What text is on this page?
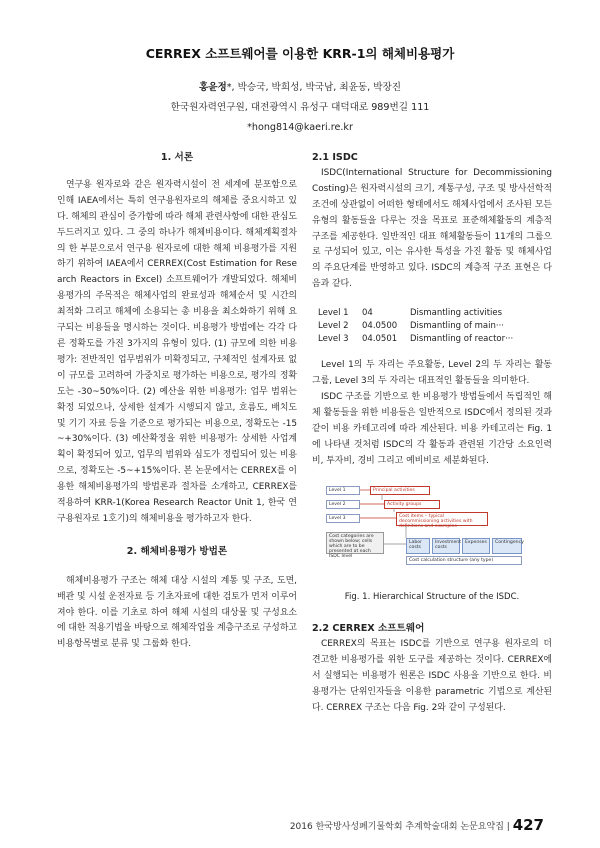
CERREX 소프트웨어를 이용한 KRR-1의 해체비용평가
홍윤정*, 박승국, 박희성, 박국남, 최윤동, 박장진
한국원자력연구원, 대전광역시 유성구 대덕대로 989번길 111
*hong814@kaeri.re.kr

1. 서론

연구용 원자로와 같은 원자력시설이 전 세계에 분포함으로 인해 IAEA에서는 특히 연구용원자로의 해체를 중요시하고 있다. 해체의 관심이 증가함에 따라 해체 관련사항에 대한 관심도 두드러지고 있다. 그 중의 하나가 해체비용이다. 해체계획절차의 한 부분으로서 연구용 원자로에 대한 해체 비용평가를 지원하기 위하여 IAEA에서 CERREX(Cost Estimation for Research Reactors in Excel) 소프트웨어가 개발되었다. 해체비용평가의 주목적은 해체사업의 완료성과 해체순서 및 시간의 최적화 그리고 해체에 소용되는 총 비용을 최소화하기 위해 요구되는 비용들을 명시하는 것이다. 비용평가 방법에는 각각 다른 정확도를 가진 3가지의 유형이 있다. (1) 규모에 의한 비용평가: 전반적인 업무범위가 미확정되고, 구체적인 설계자료 없이 규모를 고려하여 가중치로 평가하는 비용으로, 평가의 정확도는 -30~50%이다. (2) 예산을 위한 비용평가: 업무 범위는 확정 되었으나, 상세한 설계가 시행되지 않고, 흐름도, 배치도 및 기기 자료 등을 기준으로 평가되는 비용으로, 정확도는 -15~+30%이다. (3) 예산확정을 위한 비용평가: 상세한 사업계획이 확정되어 있고, 업무의 범위와 심도가 정립되어 있는 비용으로, 정확도는 -5~+15%이다. 본 논문에서는 CERREX를 이용한 해체비용평가의 방법론과 절차를 소개하고, CERREX를 적용하여 KRR-1(Korea Research Reactor Unit 1, 한국 연구용원자로 1호기)의 해체비용을 평가하고자 한다.

2. 해체비용평가 방법론

해체비용평가 구조는 해체 대상 시설의 계통 및 구조, 도면, 배관 및 시설 운전자료 등 기초자료에 대한 검토가 먼저 이루어 져야 한다. 이를 기초로 하여 해체 시설의 대상물 및 구성요소에 대한 적용기법을 바탕으로 해체작업을 계층구조로 구성하고 비용항목별로 분류 및 그룹화 한다.

2.1 ISDC

ISDC(International Structure for Decommissioning Costing)은 원자력시설의 크기, 계통구성, 구조 및 방사선학적 조건에 상관없이 어떠한 형태에서도 해체사업에서 조사된 모든 유형의 활동들을 다루는 것을 목표로 표준해체활동의 계층적 구조를 제공한다. 일반적인 대표 해체활동들이 11개의 그룹으로 구성되어 있고, 이는 유사한 특성을 가진 활동 및 해체사업의 주요단계를 반영하고 있다. ISDC의 계층적 구조 표현은 다음과 같다.

Level 1	04	Dismantling activities
Level 2	04.0500	Dismantling of main···
Level 3	04.0501	Dismantling of reactor···

Level 1의 두 자리는 주요활동, Level 2의 두 자리는 활동 그룹, Level 3의 두 자리는 대표적인 활동들을 의미한다.

ISDC 구조를 기반으로 한 비용평가 방법들에서 독립적인 해체 활동들을 위한 비용들은 일반적으로 ISDC에서 정의된 것과 같이 비용 카테고리에 따라 계산된다. 비용 카테고리는 Fig. 1에 나타낸 것처럼 ISDC의 각 활동과 관련된 기간당 소요인력비, 투자비, 경비 그리고 예비비로 세분화된다.

Level 1
Level 2
Level 3
Principal activities
Activity groups
Cost items – typical decommissioning activities with definitions and examples
Cost categories are shown below; cells which are to be presented at each ISDC level
Labor costs
Investment costs
Expenses	Contingency
Cost calculation structure (any type)
Fig. 1. Hierarchical Structure of the ISDC.

2.2 CERREX 소프트웨어

CERREX의 목표는 ISDC를 기반으로 연구용 원자로의 더 견고한 비용평가를 위한 도구를 제공하는 것이다. CERREX에서 실행되는 비용평가 원론은 ISDC 사용을 기반으로 한다. 비용평가는 단위인자들을 이용한 parametric 기법으로 계산된다. CERREX 구조는 다음 Fig. 2와 같이 구성된다.

2016 한국방사성폐기물학회 추계학술대회 논문요약집 | 427
